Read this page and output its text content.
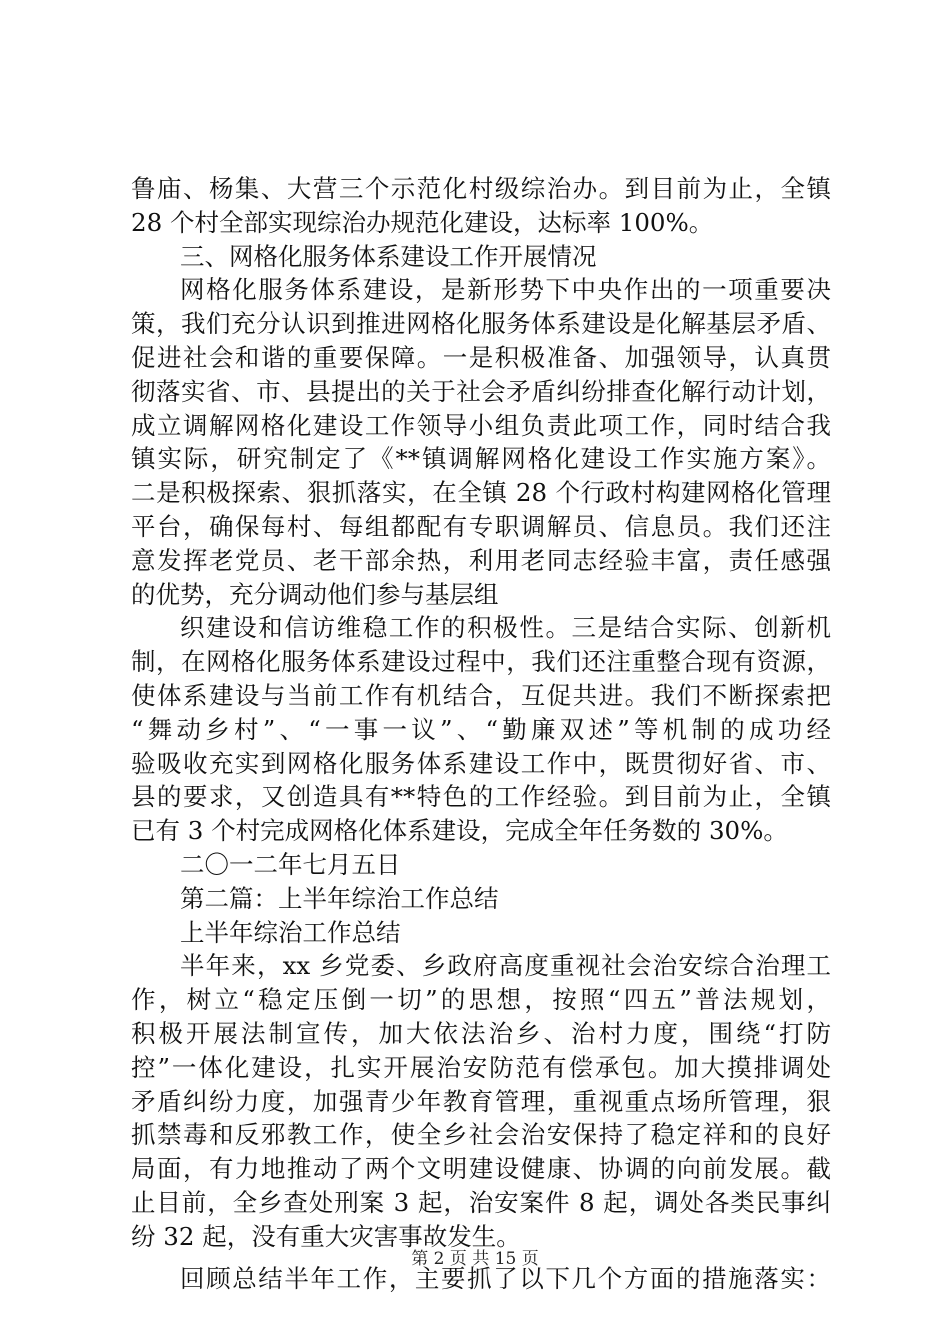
鲁庙、杨集、大营三个示范化村级综治办。到目前为止，全镇
28 个村全部实现综治办规范化建设，达标率 100%。
三、网格化服务体系建设工作开展情况
网格化服务体系建设，是新形势下中央作出的一项重要决
策，我们充分认识到推进网格化服务体系建设是化解基层矛盾、
促进社会和谐的重要保障。一是积极准备、加强领导，认真贯
彻落实省、市、县提出的关于社会矛盾纠纷排查化解行动计划，
成立调解网格化建设工作领导小组负责此项工作，同时结合我
镇实际，研究制定了《**镇调解网格化建设工作实施方案》。
二是积极探索、狠抓落实，在全镇 28 个行政村构建网格化管理
平台，确保每村、每组都配有专职调解员、信息员。我们还注
意发挥老党员、老干部余热，利用老同志经验丰富，责任感强
的优势，充分调动他们参与基层组
织建设和信访维稳工作的积极性。三是结合实际、创新机
制，在网格化服务体系建设过程中，我们还注重整合现有资源，
使体系建设与当前工作有机结合，互促共进。我们不断探索把
“舞动乡村”、“一事一议”、“勤廉双述”等机制的成功经
验吸收充实到网格化服务体系建设工作中，既贯彻好省、市、
县的要求，又创造具有**特色的工作经验。到目前为止，全镇
已有 3 个村完成网格化体系建设，完成全年任务数的 30%。
二〇一二年七月五日
第二篇：上半年综治工作总结
上半年综治工作总结
半年来，xx 乡党委、乡政府高度重视社会治安综合治理工
作，树立“稳定压倒一切”的思想，按照“四五”普法规划，
积极开展法制宣传，加大依法治乡、治村力度，围绕“打防
控”一体化建设，扎实开展治安防范有偿承包。加大摸排调处
矛盾纠纷力度，加强青少年教育管理，重视重点场所管理，狠
抓禁毒和反邪教工作，使全乡社会治安保持了稳定祥和的良好
局面，有力地推动了两个文明建设健康、协调的向前发展。截
止目前，全乡查处刑案 3 起，治安案件 8 起，调处各类民事纠
纷 32 起，没有重大灾害事故发生。
回顾总结半年工作，主要抓了以下几个方面的措施落实：
第 2 页 共 15 页
